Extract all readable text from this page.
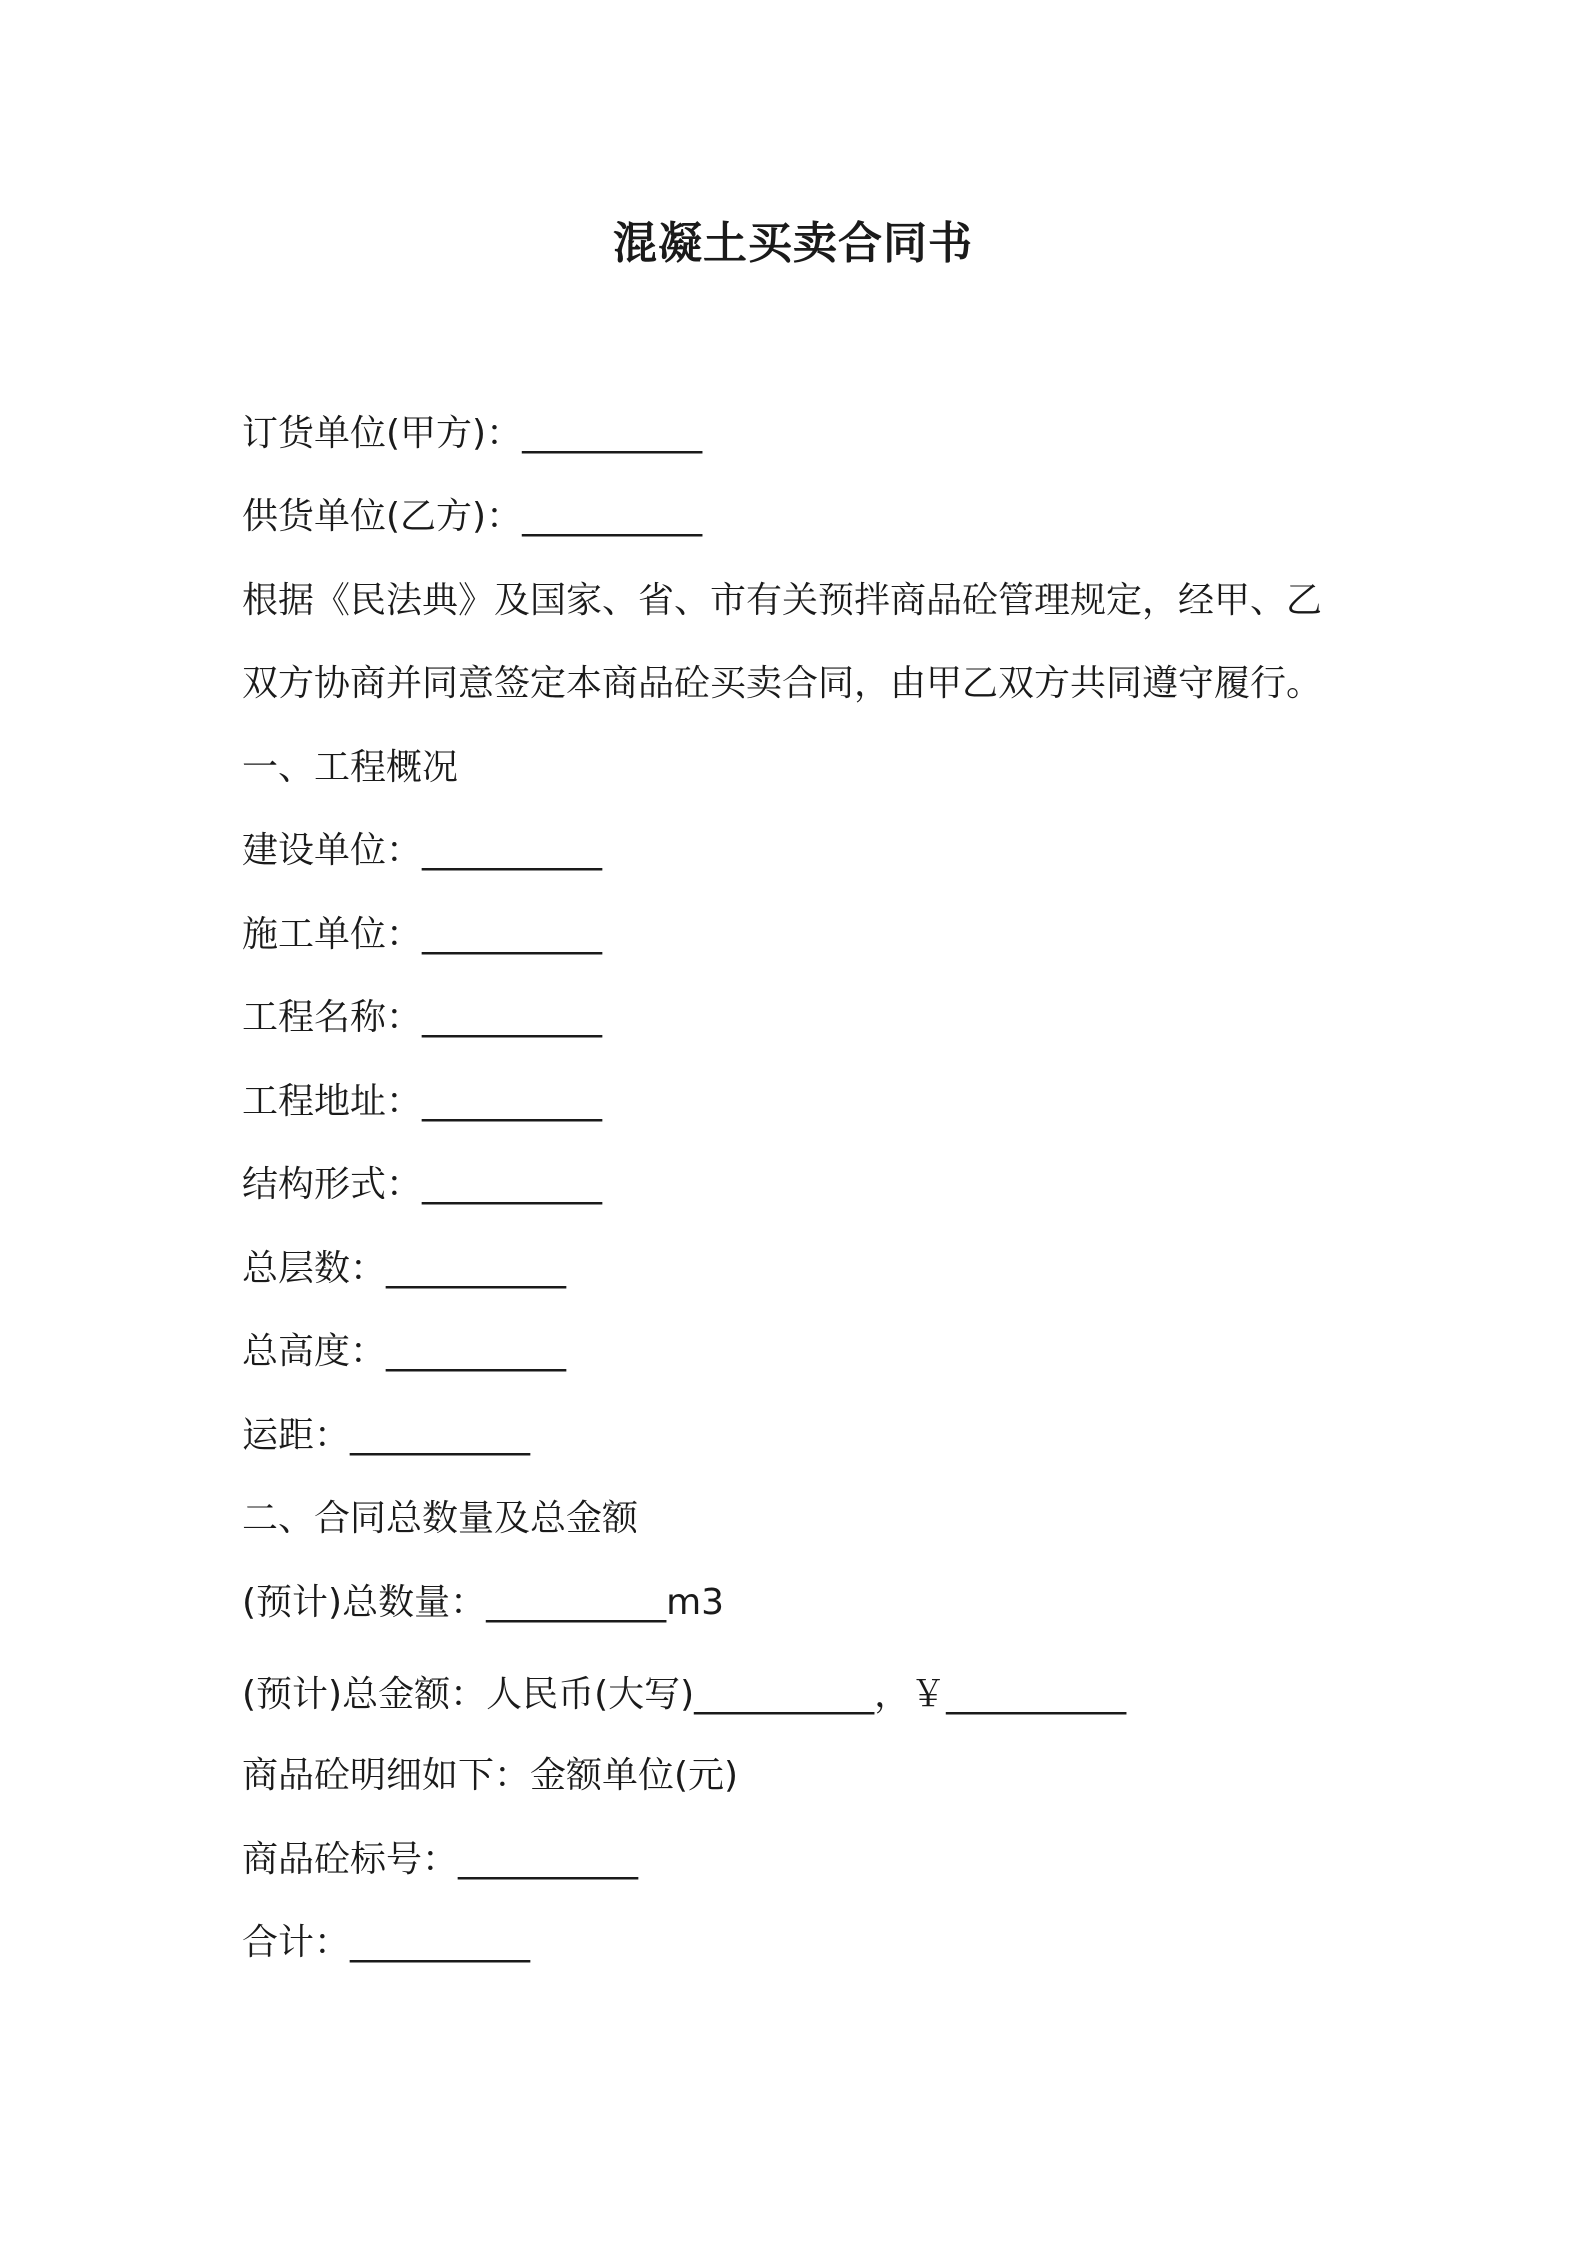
混凝土买卖合同书
订货单位(甲方)：__________
供货单位(乙方)：__________
根据《民法典》及国家、省、市有关预拌商品砼管理规定，经甲、乙
双方协商并同意签定本商品砼买卖合同，由甲乙双方共同遵守履行。
一、工程概况
建设单位：__________
施工单位：__________
工程名称：__________
工程地址：__________
结构形式：__________
总层数：__________
总高度：__________
运距：__________
二、合同总数量及总金额
(预计)总数量：__________m3
(预计)总金额：人民币(大写)__________，￥__________
商品砼明细如下：金额单位(元)
商品砼标号：__________
合计：__________
